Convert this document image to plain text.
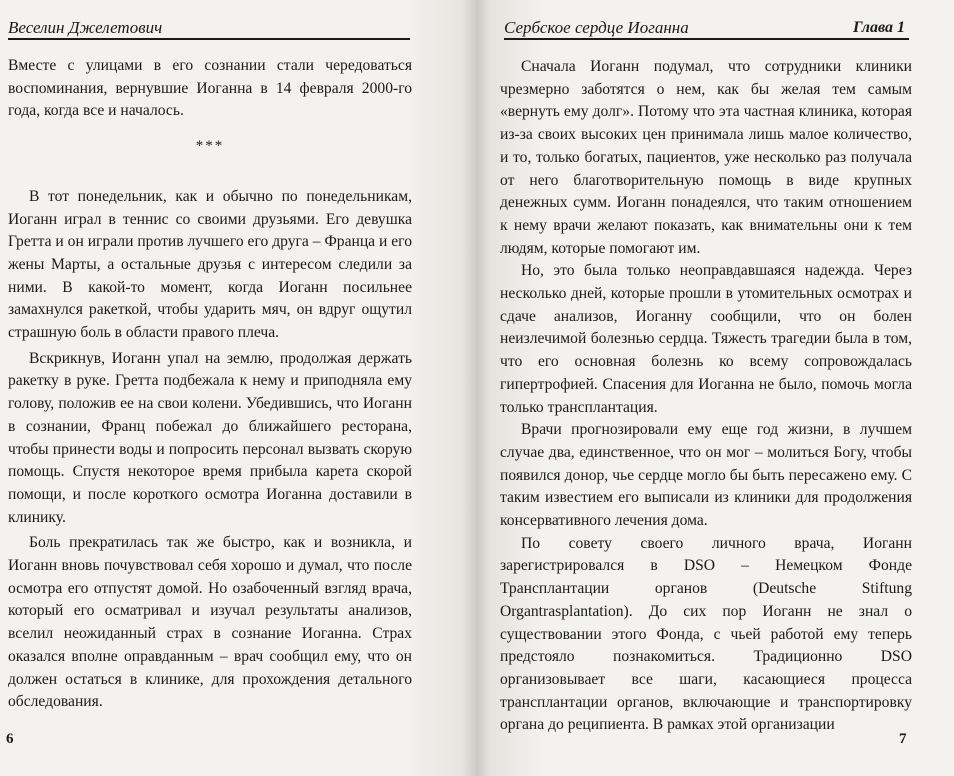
Веселин Джелетович

Вместе с улицами в его сознании стали чередоваться воспоминания, вернувшие Иоганна в 14 февраля 2000-го года, когда все и началось.

***

В тот понедельник, как и обычно по понедельникам, Иоганн играл в теннис со своими друзьями. Его девушка Гретта и он играли против лучшего его друга – Франца и его жены Марты, а остальные друзья с интересом следили за ними. В какой-то момент, когда Иоганн посильнее замахнулся ракеткой, чтобы ударить мяч, он вдруг ощутил страшную боль в области правого плеча.

Вскрикнув, Иоганн упал на землю, продолжая держать ракетку в руке. Гретта подбежала к нему и приподняла ему голову, положив ее на свои колени. Убедившись, что Иоганн в сознании, Франц побежал до ближайшего ресторана, чтобы принести воды и попросить персонал вызвать скорую помощь. Спустя некоторое время прибыла карета скорой помощи, и после короткого осмотра Иоганна доставили в клинику.

Боль прекратилась так же быстро, как и возникла, и Иоганн вновь почувствовал себя хорошо и думал, что после осмотра его отпустят домой. Но озабоченный взгляд врача, который его осматривал и изучал результаты анализов, вселил неожиданный страх в сознание Иоганна. Страх оказался вполне оправданным – врач сообщил ему, что он должен остаться в клинике, для прохождения детального обследования.

6
Сербское сердце Иоганна	Глава 1

Сначала Иоганн подумал, что сотрудники клиники чрезмерно заботятся о нем, как бы желая тем самым «вернуть ему долг». Потому что эта частная клиника, которая из-за своих высоких цен принимала лишь малое количество, и то, только богатых, пациентов, уже несколько раз получала от него благотворительную помощь в виде крупных денежных сумм. Иоганн понадеялся, что таким отношением к нему врачи желают показать, как внимательны они к тем людям, которые помогают им.

Но, это была только неоправдавшаяся надежда. Через несколько дней, которые прошли в утомительных осмотрах и сдаче анализов, Иоганну сообщили, что он болен неизлечимой болезнью сердца. Тяжесть трагедии была в том, что его основная болезнь ко всему сопровождалась гипертрофией. Спасения для Иоганна не было, помочь могла только трансплантация.

Врачи прогнозировали ему еще год жизни, в лучшем случае два, единственное, что он мог – молиться Богу, чтобы появился донор, чье сердце могло бы быть пересажено ему. С таким известием его выписали из клиники для продолжения консервативного лечения дома.

По совету своего личного врача, Иоганн зарегистрировался в DSO – Немецком Фонде Трансплантации органов (Deutsche Stiftung Organtrasplantation). До сих пор Иоганн не знал о существовании этого Фонда, с чьей работой ему теперь предстояло познакомиться. Традиционно DSO организовывает все шаги, касающиеся процесса трансплантации органов, включающие и транспортировку органа до реципиента. В рамках этой организации

7
